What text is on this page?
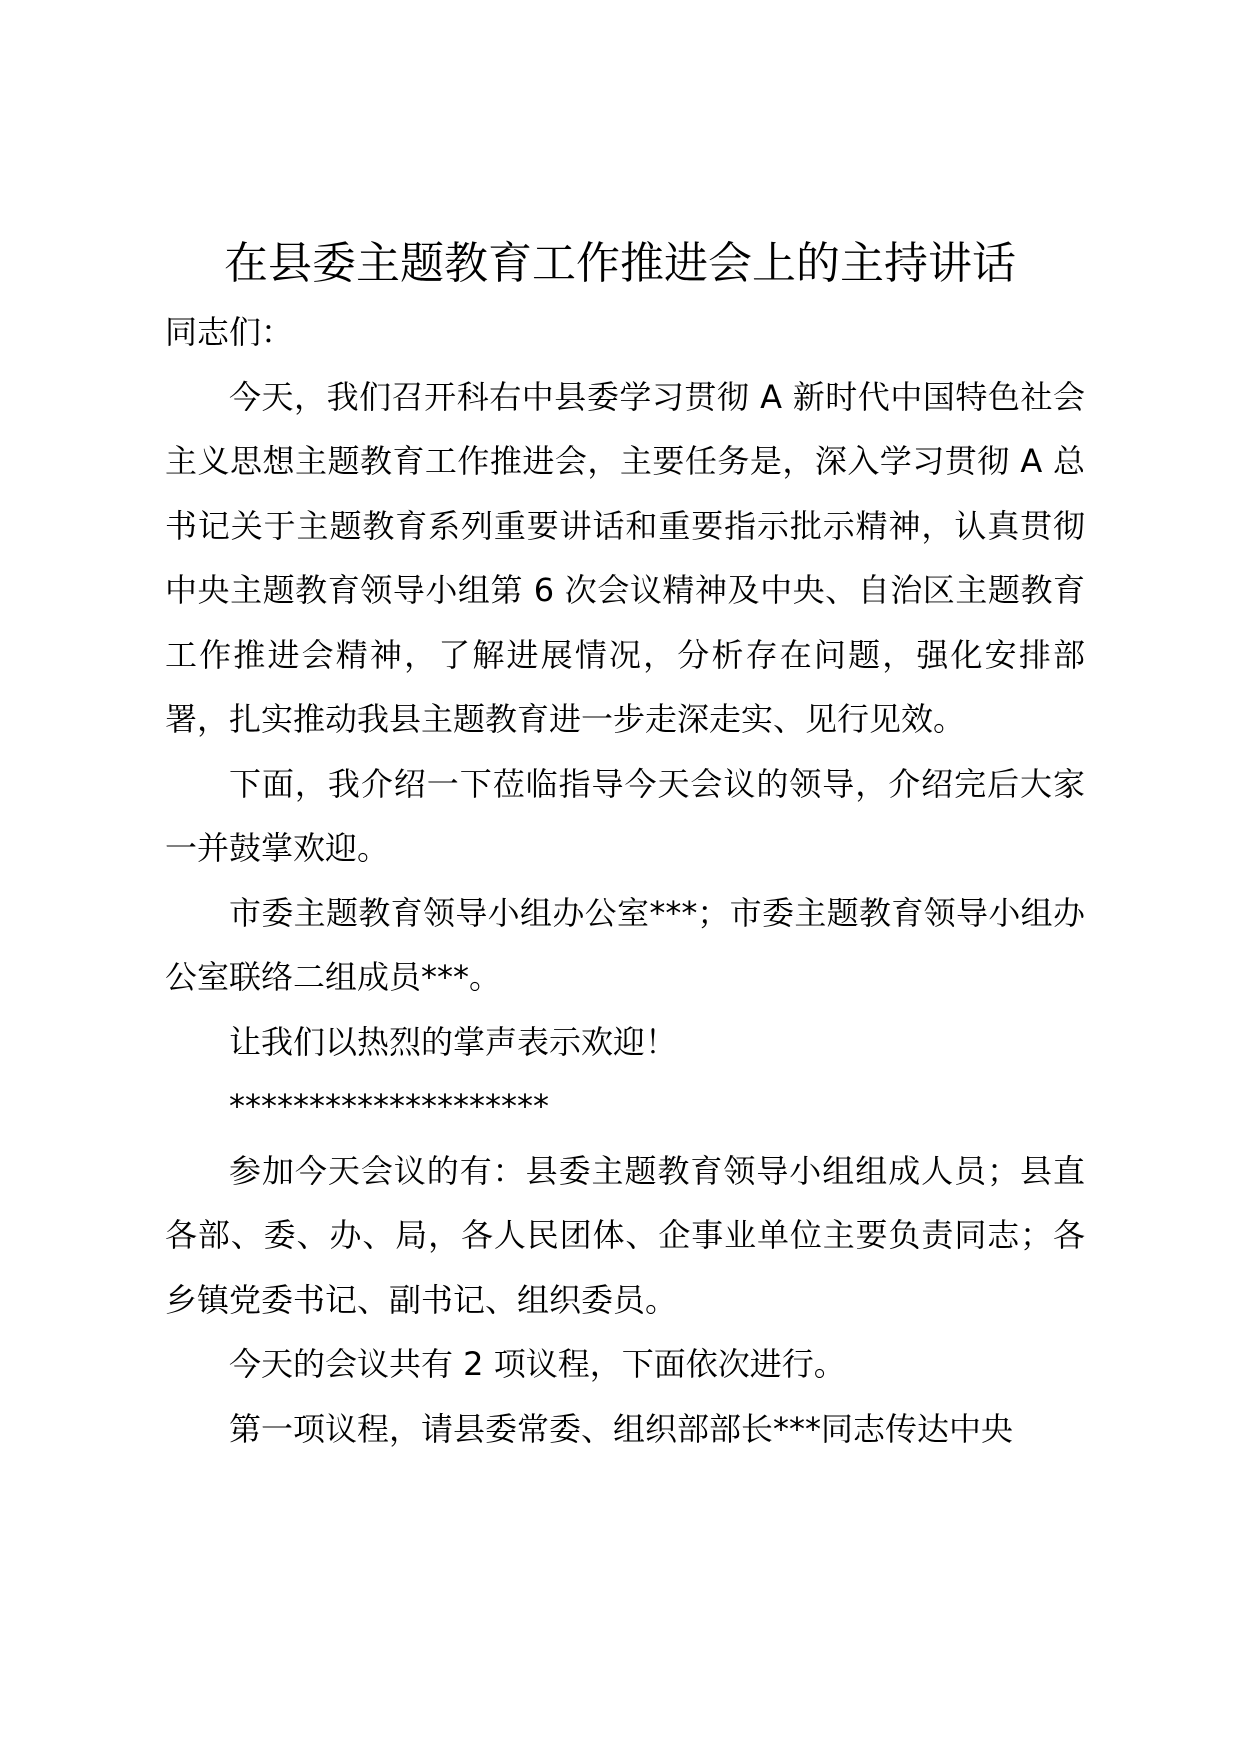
在县委主题教育工作推进会上的主持讲话

同志们：

今天，我们召开科右中县委学习贯彻 A 新时代中国特色社会主义思想主题教育工作推进会，主要任务是，深入学习贯彻 A 总书记关于主题教育系列重要讲话和重要指示批示精神，认真贯彻中央主题教育领导小组第 6 次会议精神及中央、自治区主题教育工作推进会精神，了解进展情况，分析存在问题，强化安排部署，扎实推动我县主题教育进一步走深走实、见行见效。

下面，我介绍一下莅临指导今天会议的领导，介绍完后大家一并鼓掌欢迎。

市委主题教育领导小组办公室***；市委主题教育领导小组办公室联络二组成员***。

让我们以热烈的掌声表示欢迎！

********************

参加今天会议的有：县委主题教育领导小组组成人员；县直各部、委、办、局，各人民团体、企事业单位主要负责同志；各乡镇党委书记、副书记、组织委员。

今天的会议共有 2 项议程，下面依次进行。

第一项议程，请县委常委、组织部部长***同志传达中央
